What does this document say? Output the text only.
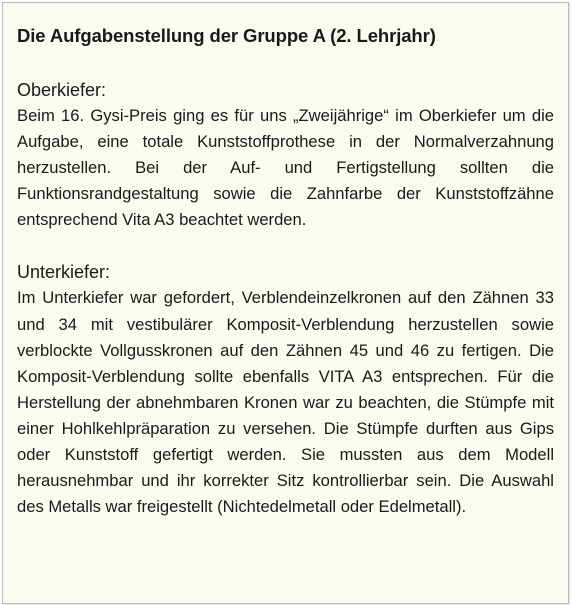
Die Aufgabenstellung der Gruppe A (2. Lehrjahr)
Oberkiefer:

Beim 16. Gysi-Preis ging es für uns „Zweijährige“ im Oberkiefer um die Aufgabe, eine totale Kunststoffprothese in der Normalverzahnung herzustellen. Bei der Auf- und Fertigstellung sollten die Funktionsrandgestaltung sowie die Zahnfarbe der Kunststoffzähne entsprechend Vita A3 beachtet werden.

Unterkiefer:

Im Unterkiefer war gefordert, Verblendeinzelkronen auf den Zähnen 33 und 34 mit vestibulärer Komposit-Verblendung herzustellen sowie verblockte Vollgusskronen auf den Zähnen 45 und 46 zu fertigen. Die Komposit-Verblendung sollte ebenfalls VITA A3 entsprechen. Für die Herstellung der abnehmbaren Kronen war zu beachten, die Stümpfe mit einer Hohlkehlpräparation zu versehen. Die Stümpfe durften aus Gips oder Kunststoff gefertigt werden. Sie mussten aus dem Modell herausnehmbar und ihr korrekter Sitz kontrollierbar sein. Die Auswahl des Metalls war freigestellt (Nichtedelmetall oder Edelmetall).
